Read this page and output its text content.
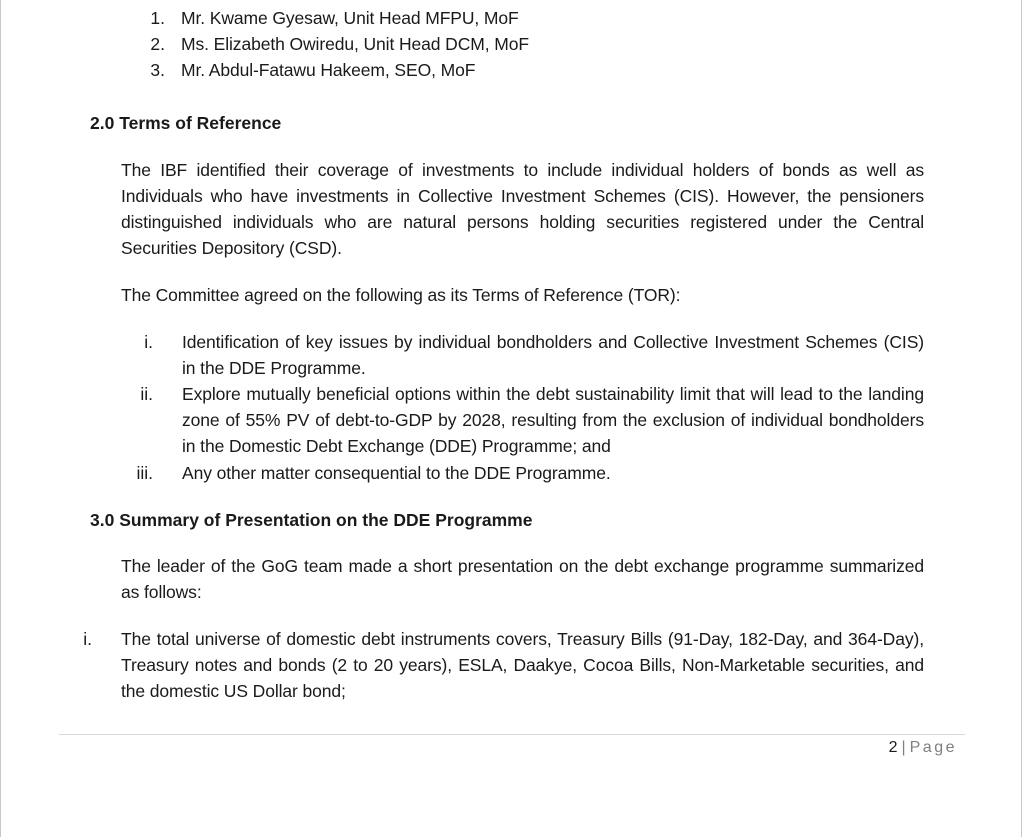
1. Mr. Kwame Gyesaw, Unit Head MFPU, MoF
2. Ms. Elizabeth Owiredu, Unit Head DCM, MoF
3. Mr. Abdul-Fatawu Hakeem, SEO, MoF
2.0 Terms of Reference
The IBF identified their coverage of investments to include individual holders of bonds as well as Individuals who have investments in Collective Investment Schemes (CIS). However, the pensioners distinguished individuals who are natural persons holding securities registered under the Central Securities Depository (CSD).
The Committee agreed on the following as its Terms of Reference (TOR):
i. Identification of key issues by individual bondholders and Collective Investment Schemes (CIS) in the DDE Programme.
ii. Explore mutually beneficial options within the debt sustainability limit that will lead to the landing zone of 55% PV of debt-to-GDP by 2028, resulting from the exclusion of individual bondholders in the Domestic Debt Exchange (DDE) Programme; and
iii. Any other matter consequential to the DDE Programme.
3.0 Summary of Presentation on the DDE Programme
The leader of the GoG team made a short presentation on the debt exchange programme summarized as follows:
i. The total universe of domestic debt instruments covers, Treasury Bills (91-Day, 182-Day, and 364-Day), Treasury notes and bonds (2 to 20 years), ESLA, Daakye, Cocoa Bills, Non-Marketable securities, and the domestic US Dollar bond;
2 | Page
